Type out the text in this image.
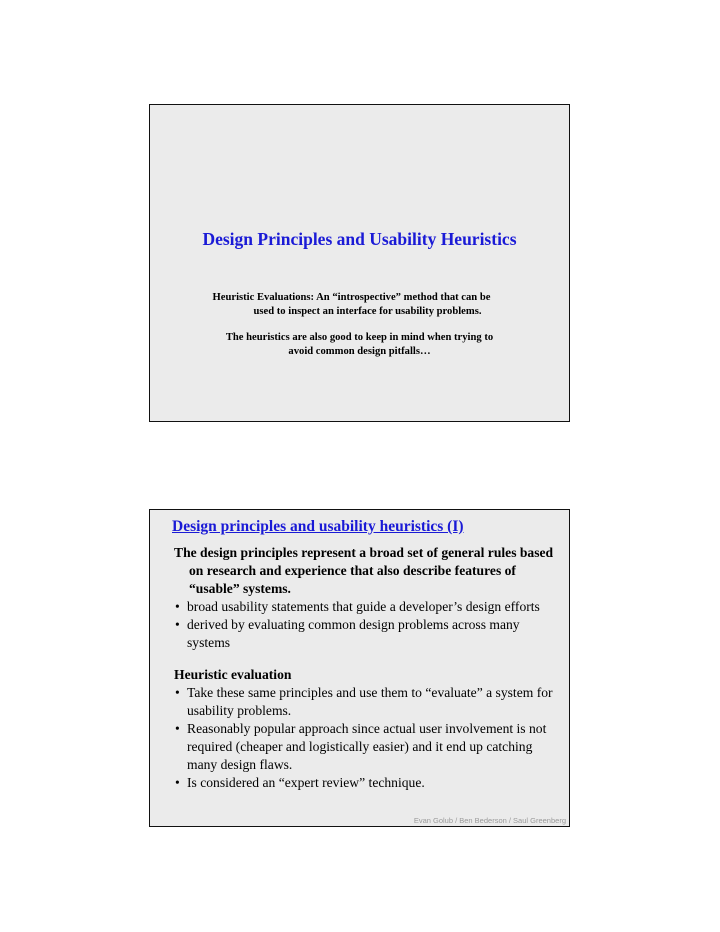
Design Principles and Usability Heuristics
Heuristic Evaluations: An “introspective” method that can be
used to inspect an interface for usability problems.
The heuristics are also good to keep in mind when trying to
avoid common design pitfalls…
Design principles and usability heuristics (I)

The design principles represent a broad set of general rules based on research and experience that also describe features of “usable” systems.

• broad usability statements that guide a developer’s design efforts
• derived by evaluating common design problems across many systems

Heuristic evaluation

• Take these same principles and use them to “evaluate” a system for usability problems.
• Reasonably popular approach since actual user involvement is not required (cheaper and logistically easier) and it end up catching many design flaws.
• Is considered an “expert review” technique.
Evan Golub / Ben Bederson / Saul Greenberg
